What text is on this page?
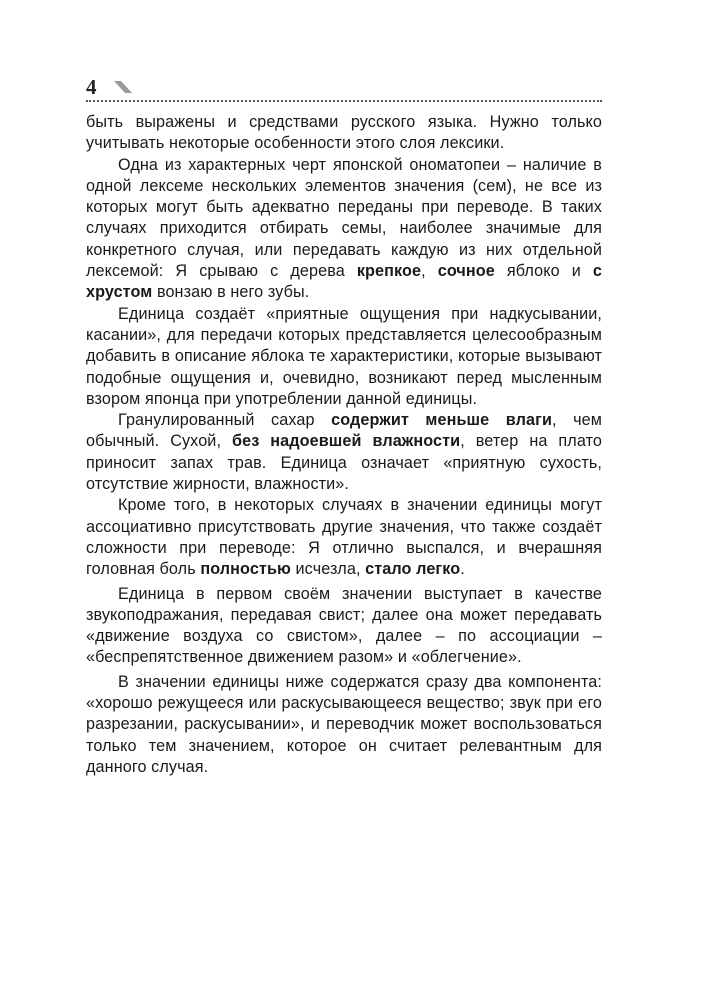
4

быть выражены и средствами русского языка. Нужно только учитывать некоторые особенности этого слоя лексики.

Одна из характерных черт японской ономатопеи – наличие в одной лексеме нескольких элементов значения (сем), не все из которых могут быть адекватно переданы при переводе. В таких случаях приходится отбирать семы, наиболее значимые для конкретного случая, или передавать каждую из них отдельной лексемой: Я срываю с дерева крепкое, сочное яблоко и с хрустом вонзаю в него зубы.

Единица создаёт «приятные ощущения при надкусывании, касании», для передачи которых представляется целесообразным добавить в описание яблока те характеристики, которые вызывают подобные ощущения и, очевидно, возникают перед мысленным взором японца при употреблении данной единицы.

Гранулированный сахар содержит меньше влаги, чем обычный. Сухой, без надоевшей влажности, ветер на плато приносит запах трав. Единица означает «приятную сухость, отсутствие жирности, влажности».

Кроме того, в некоторых случаях в значении единицы могут ассоциативно присутствовать другие значения, что также создаёт сложности при переводе: Я отлично выспался, и вчерашняя головная боль полностью исчезла, стало легко.

Единица в первом своём значении выступает в качестве звукоподражания, передавая свист; далее она может передавать «движение воздуха со свистом», далее – по ассоциации – «беспрепятственное движением разом» и «облегчение».

В значении единицы ниже содержатся сразу два компонента: «хорошо режущееся или раскусывающееся вещество; звук при его разрезании, раскусывании», и переводчик может воспользоваться только тем значением, которое он считает релевантным для данного случая.
